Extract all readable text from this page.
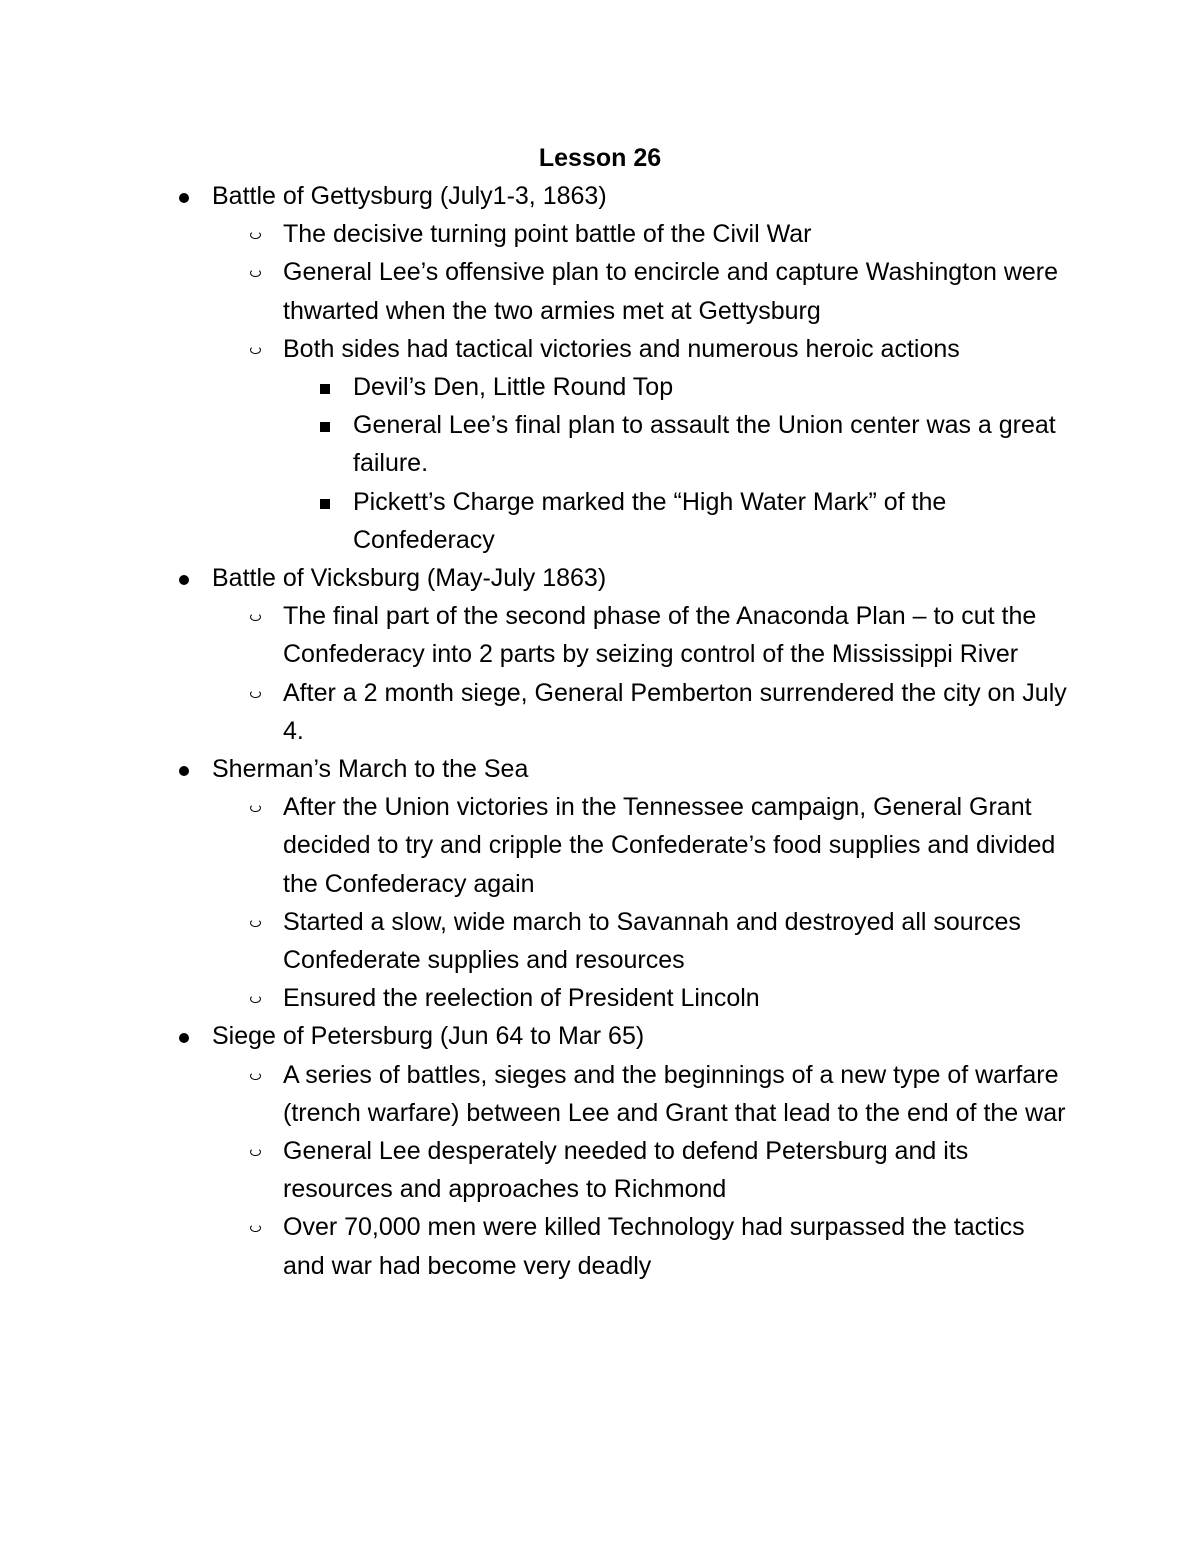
Lesson 26
Battle of Gettysburg (July1-3, 1863)
The decisive turning point battle of the Civil War
General Lee’s offensive plan to encircle and capture Washington were thwarted when the two armies met at Gettysburg
Both sides had tactical victories and numerous heroic actions
Devil’s Den, Little Round Top
General Lee’s final plan to assault the Union center was a great failure.
Pickett’s Charge marked the “High Water Mark” of the Confederacy
Battle of Vicksburg (May-July 1863)
The final part of the second phase of the Anaconda Plan – to cut the Confederacy into 2 parts by seizing control of the Mississippi River
After a 2 month siege, General Pemberton surrendered the city on July 4.
Sherman’s March to the Sea
After the Union victories in the Tennessee campaign, General Grant decided to try and cripple the Confederate’s food supplies and divided the Confederacy again
Started a slow, wide march to Savannah and destroyed all sources Confederate supplies and resources
Ensured the reelection of President Lincoln
Siege of Petersburg (Jun 64 to Mar 65)
A series of battles, sieges and the beginnings of a new type of warfare (trench warfare) between Lee and Grant that lead to the end of the war
General Lee desperately needed to defend Petersburg and its resources and approaches to Richmond
Over 70,000 men were killed Technology had surpassed the tactics and war had become very deadly
